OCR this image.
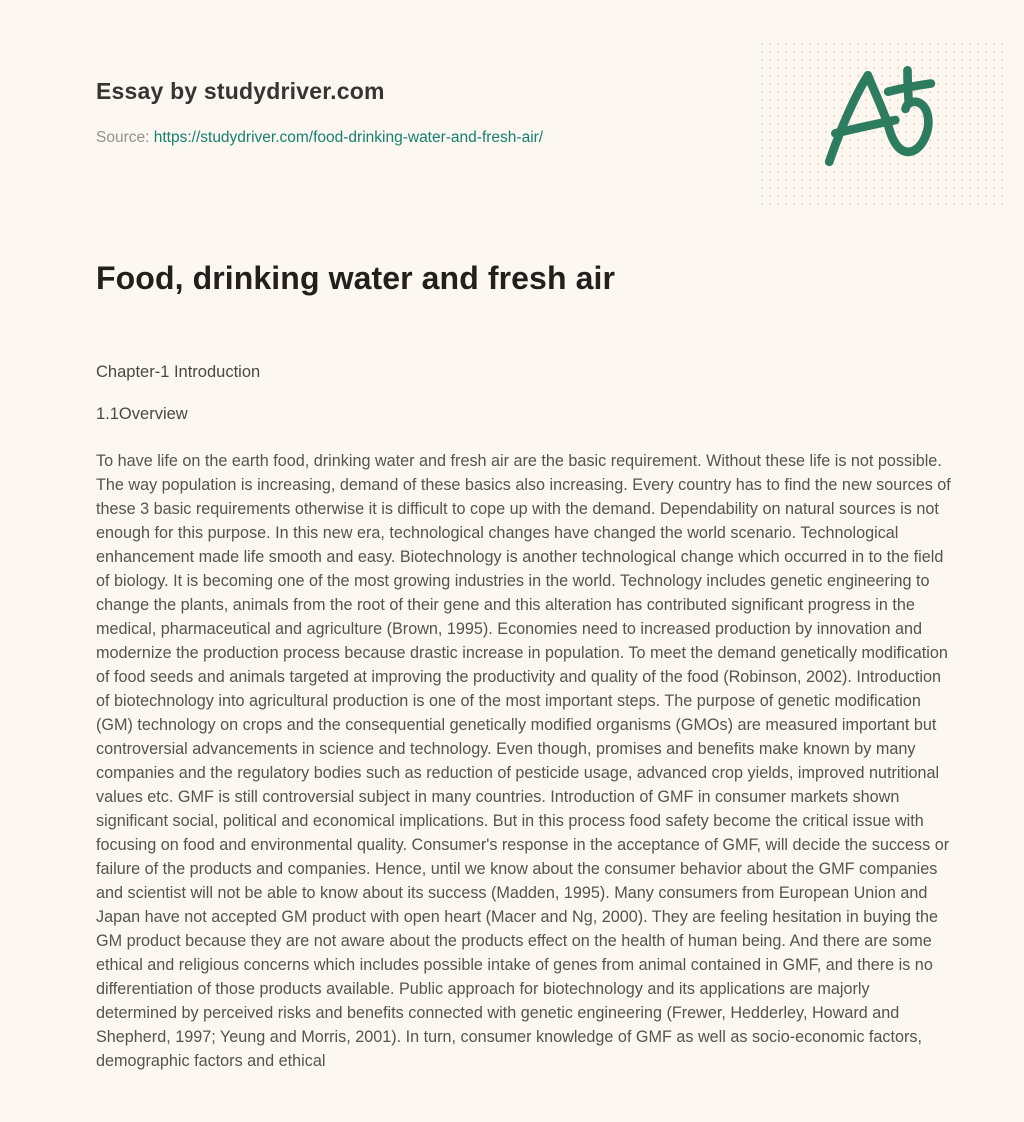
Essay by studydriver.com
Source: https://studydriver.com/food-drinking-water-and-fresh-air/
Food, drinking water and fresh air

Chapter-1 Introduction

1.1Overview

To have life on the earth food, drinking water and fresh air are the basic requirement. Without these life is not possible. The way population is increasing, demand of these basics also increasing. Every country has to find the new sources of these 3 basic requirements otherwise it is difficult to cope up with the demand. Dependability on natural sources is not enough for this purpose. In this new era, technological changes have changed the world scenario. Technological enhancement made life smooth and easy. Biotechnology is another technological change which occurred in to the field of biology. It is becoming one of the most growing industries in the world. Technology includes genetic engineering to change the plants, animals from the root of their gene and this alteration has contributed significant progress in the medical, pharmaceutical and agriculture (Brown, 1995). Economies need to increased production by innovation and modernize the production process because drastic increase in population. To meet the demand genetically modification of food seeds and animals targeted at improving the productivity and quality of the food (Robinson, 2002). Introduction of biotechnology into agricultural production is one of the most important steps. The purpose of genetic modification (GM) technology on crops and the consequential genetically modified organisms (GMOs) are measured important but controversial advancements in science and technology. Even though, promises and benefits make known by many companies and the regulatory bodies such as reduction of pesticide usage, advanced crop yields, improved nutritional values etc. GMF is still controversial subject in many countries. Introduction of GMF in consumer markets shown significant social, political and economical implications. But in this process food safety become the critical issue with focusing on food and environmental quality. Consumer's response in the acceptance of GMF, will decide the success or failure of the products and companies. Hence, until we know about the consumer behavior about the GMF companies and scientist will not be able to know about its success (Madden, 1995). Many consumers from European Union and Japan have not accepted GM product with open heart (Macer and Ng, 2000). They are feeling hesitation in buying the GM product because they are not aware about the products effect on the health of human being. And there are some ethical and religious concerns which includes possible intake of genes from animal contained in GMF, and there is no differentiation of those products available. Public approach for biotechnology and its applications are majorly determined by perceived risks and benefits connected with genetic engineering (Frewer, Hedderley, Howard and Shepherd, 1997; Yeung and Morris, 2001). In turn, consumer knowledge of GMF as well as socio-economic factors, demographic factors and ethical
